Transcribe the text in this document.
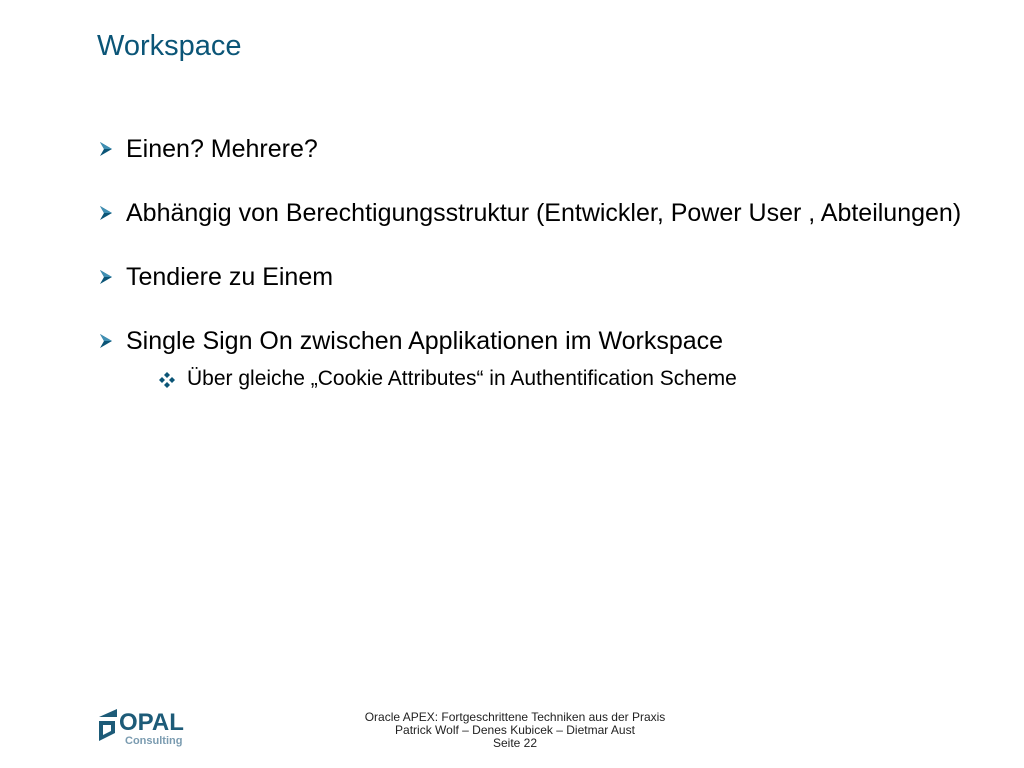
Workspace
Einen? Mehrere?
Abhängig von Berechtigungsstruktur (Entwickler, Power User , Abteilungen)
Tendiere zu Einem
Single Sign On zwischen Applikationen im Workspace
Über gleiche „Cookie Attributes“ in Authentification Scheme
OPAL
Consulting
Oracle APEX: Fortgeschrittene Techniken aus der Praxis
Patrick Wolf – Denes Kubicek – Dietmar Aust
Seite 22
